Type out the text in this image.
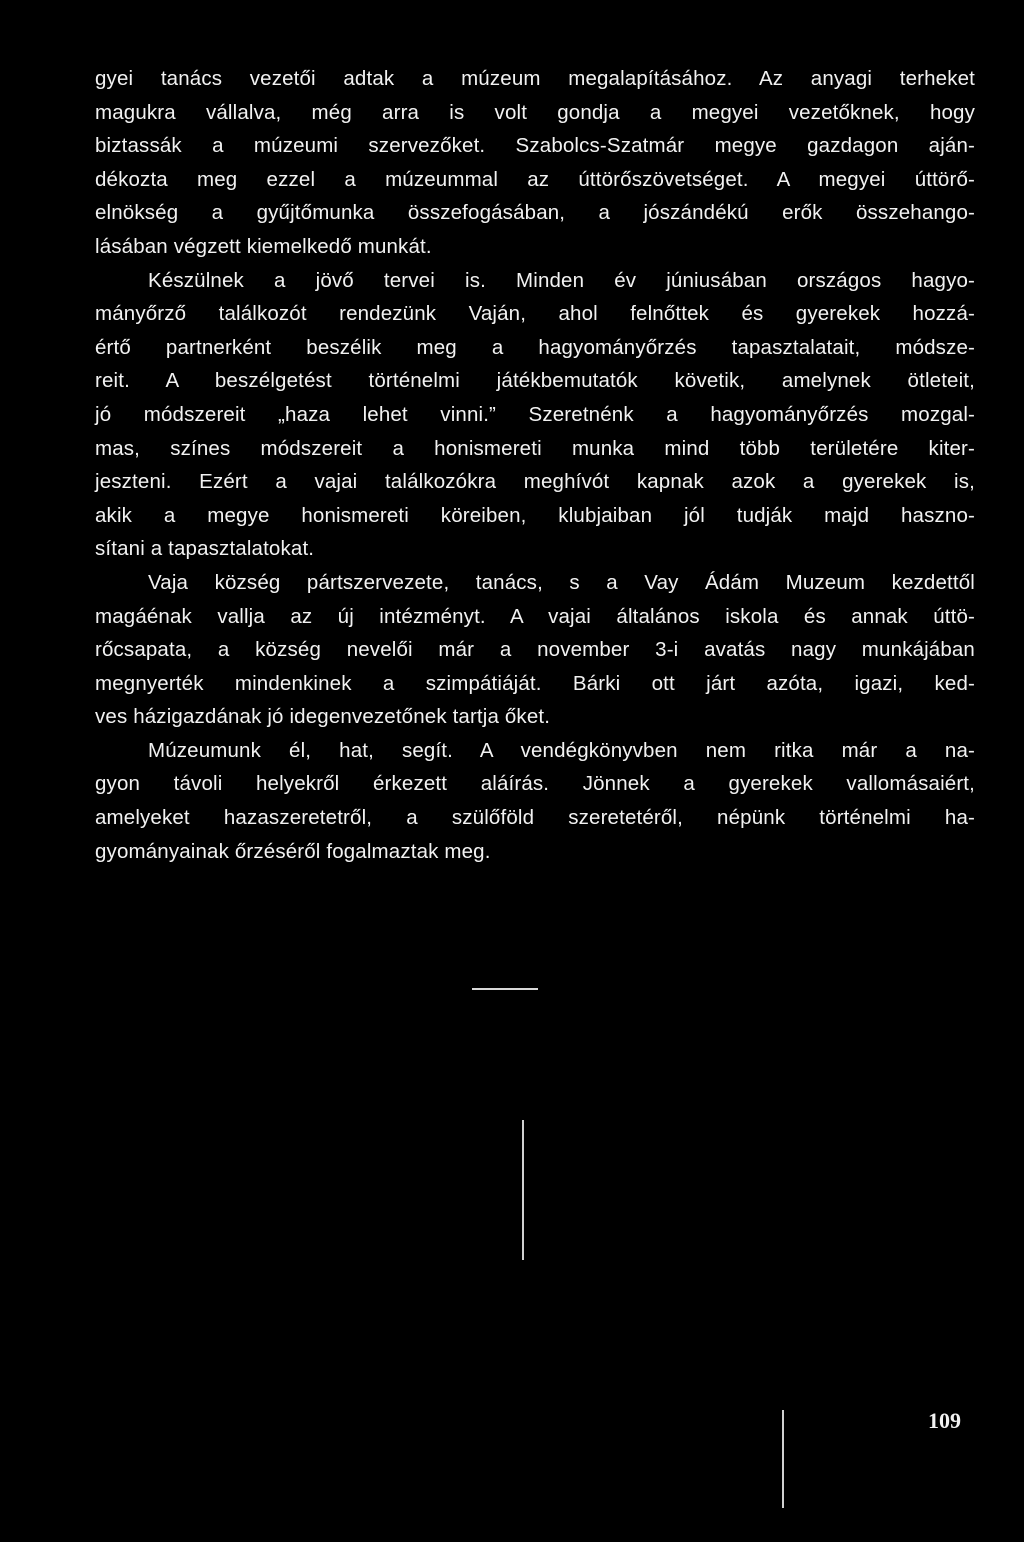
gyei tanács vezetői adtak a múzeum megalapításához. Az anyagi terheket
magukra vállalva, még arra is volt gondja a megyei vezetőknek, hogy
biztassák a múzeumi szervezőket. Szabolcs-Szatmár megye gazdagon aján-
dékozta meg ezzel a múzeummal az úttörőszövetséget. A megyei úttörő-
elnökség a gyűjtőmunka összefogásában, a jószándékú erők összehango-
lásában végzett kiemelkedő munkát.
Készülnek a jövő tervei is. Minden év júniusában országos hagyo-
mányőrző találkozót rendezünk Vaján, ahol felnőttek és gyerekek hozzá-
értő partnerként beszélik meg a hagyományőrzés tapasztalatait, módsze-
reit. A beszélgetést történelmi játékbemutatók követik, amelynek ötleteit,
jó módszereit „haza lehet vinni.” Szeretnénk a hagyományőrzés mozgal-
mas, színes módszereit a honismereti munka mind több területére kiter-
jeszteni. Ezért a vajai találkozókra meghívót kapnak azok a gyerekek is,
akik a megye honismereti köreiben, klubjaiban jól tudják majd haszno-
sítani a tapasztalatokat.
Vaja község pártszervezete, tanács, s a Vay Ádám Muzeum kezdettől
magáénak vallja az új intézményt. A vajai általános iskola és annak úttö-
rőcsapata, a község nevelői már a november 3-i avatás nagy munkájában
megnyerték mindenkinek a szimpátiáját. Bárki ott járt azóta, igazi, ked-
ves házigazdának jó idegenvezetőnek tartja őket.
Múzeumunk él, hat, segít. A vendégkönyvben nem ritka már a na-
gyon távoli helyekről érkezett aláírás. Jönnek a gyerekek vallomásaiért,
amelyeket hazaszeretetről, a szülőföld szeretetéről, népünk történelmi ha-
gyományainak őrzéséről fogalmaztak meg.
109
